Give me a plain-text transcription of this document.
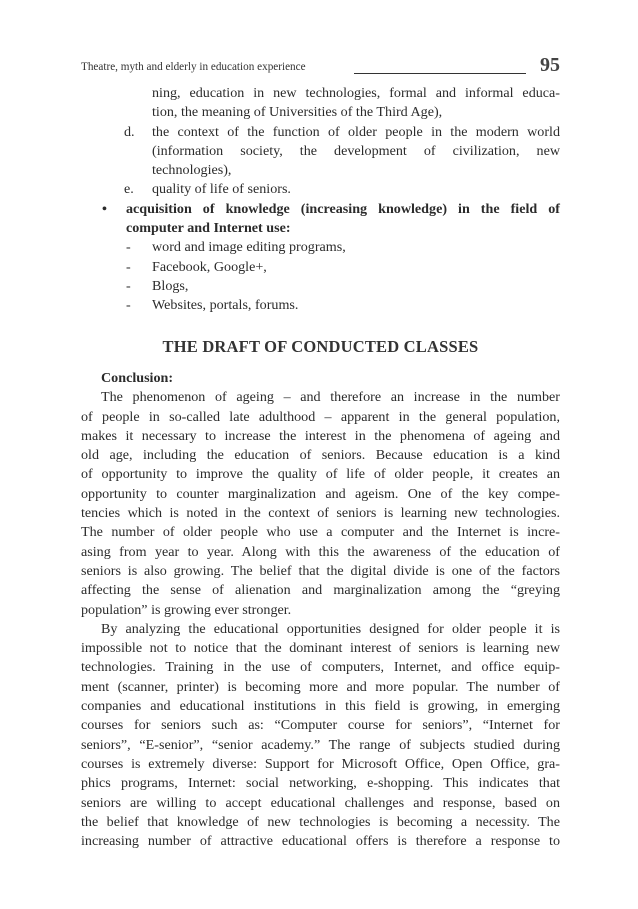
Theatre, myth and elderly in education experience	95
ning, education in new technologies, formal and informal educa-
tion, the meaning of Universities of the Third Age),
d.	the context of the function of older people in the modern world
(information society, the development of civilization, new
technologies),
e.	quality of life of seniors.
•	acquisition of knowledge (increasing knowledge) in the field of
computer and Internet use:
-	word and image editing programs,
-	Facebook, Google+,
-	Blogs,
-	Websites, portals, forums.
THE DRAFT OF CONDUCTED CLASSES
Conclusion:
The phenomenon of ageing – and therefore an increase in the number
of people in so-called late adulthood – apparent in the general population,
makes it necessary to increase the interest in the phenomena of ageing and
old age, including the education of seniors. Because education is a kind
of opportunity to improve the quality of life of older people, it creates an
opportunity to counter marginalization and ageism. One of the key compe-
tencies which is noted in the context of seniors is learning new technologies.
The number of older people who use a computer and the Internet is incre-
asing from year to year. Along with this the awareness of the education of
seniors is also growing. The belief that the digital divide is one of the factors
affecting the sense of alienation and marginalization among the “greying
population” is growing ever stronger.
By analyzing the educational opportunities designed for older people it is
impossible not to notice that the dominant interest of seniors is learning new
technologies. Training in the use of computers, Internet, and office equip-
ment (scanner, printer) is becoming more and more popular. The number of
companies and educational institutions in this field is growing, in emerging
courses for seniors such as: “Computer course for seniors”, “Internet for
seniors”, “E-senior”, “senior academy.” The range of subjects studied during
courses is extremely diverse: Support for Microsoft Office, Open Office, gra-
phics programs, Internet: social networking, e-shopping. This indicates that
seniors are willing to accept educational challenges and response, based on
the belief that knowledge of new technologies is becoming a necessity. The
increasing number of attractive educational offers is therefore a response to
